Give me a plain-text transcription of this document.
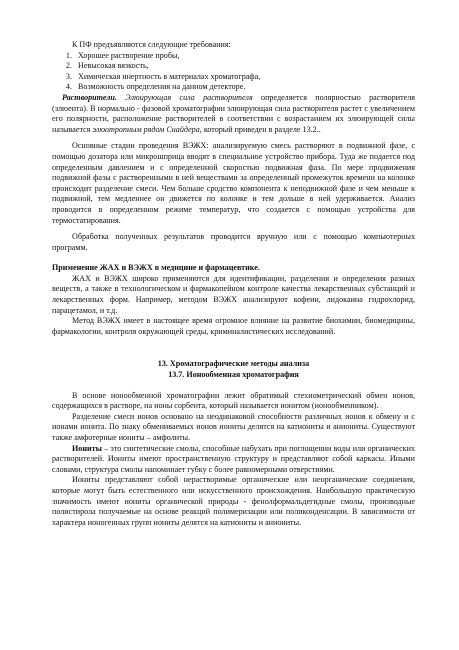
К ПФ предъявляются следующие требования:

1. Хорошее растворение пробы,
2. Невысокая вязкость,
3. Химическая инертность в материалах хроматографа,
4. Возможность определения на данном детекторе.

Растворители. Элюирующая сила растворителя определяется полярностью растворителя (элюента). В нормально - фазовой хроматографии элюирующая сила растворителя растет с увеличением его полярности, расположение растворителей в соответствии с возрастанием их элюирующей силы называется элюотропным рядом Снайдера, который приведен в разделе 13.2..

Основные стадии проведения ВЭЖХ: анализируемую смесь растворяют в подвижной фазе, с помощью дозатора или микрошприца вводят в специальное устройство прибора. Туда же подается под определенным давлением и с определенной скоростью подвижная фаза. По мере продвижения подвижной фазы с растворенными в ней веществами за определенный промежуток времени на колонке происходит разделение смеси. Чем больше сродство компонента к неподвижной фазе и чем меньше к подвижной, тем медленнее он движется по колонке и тем дольше в ней удерживается. Анализ проводится в определенном режиме температур, что создается с помощью устройства для термостатирования.

Обработка полученных результатов проводится вручную или с помощью компьютерных программ.

Применение ЖАХ и ВЭЖХ в медицине и фармацевтике.

ЖАХ и ВЭЖХ широко применяются для идентификации, разделения и определения разных веществ, а также в технологическом и фармакопейном контроле качества лекарственных субстанций и лекарственных форм. Например, методом ВЭЖХ анализируют кофеин, лидокаина гидрохлорид, парацетамол, и т.д.

Метод ВЭЖХ имеет в настоящее время огромное влияние на развитие биохимии, биомедицины, фармакологии, контроля окружающей среды, криминалистических исследований.

13. Хроматографические методы анализа
13.7. Ионообменная хроматография

В основе ионообменной хроматографии лежит обратимый стехиометрический обмен ионов, содержащихся в растворе, на ионы сорбента, который называется ионитом (ионообменником).

Разделение смеси ионов основано на неодинаковой способности различных ионов к обмену и с ионами ионита. По знаку обмениваемых ионов иониты делятся на катиониты и аниониты. Существуют также амфотерные иониты – амфолиты.

Иониты – это синтетические смолы, способные набухать при поглощении воды или органических растворителей. Иониты имеют пространственную структуру и представляют собой каркасы. Иными словами, структура смолы напоминает губку с более равномерными отверстиями.

Иониты представляют собой нерастворимые органические или неорганические соединения, которые могут быть естественного или искусственного происхождения. Наибольшую практическую значимость имеют иониты органической природы - фенолформальдегидные смолы, производные полистирола получаемые на основе реакций полимеризации или поликонденсации. В зависимости от характера ионогенных групп иониты делятся на катиониты и аниониты.
